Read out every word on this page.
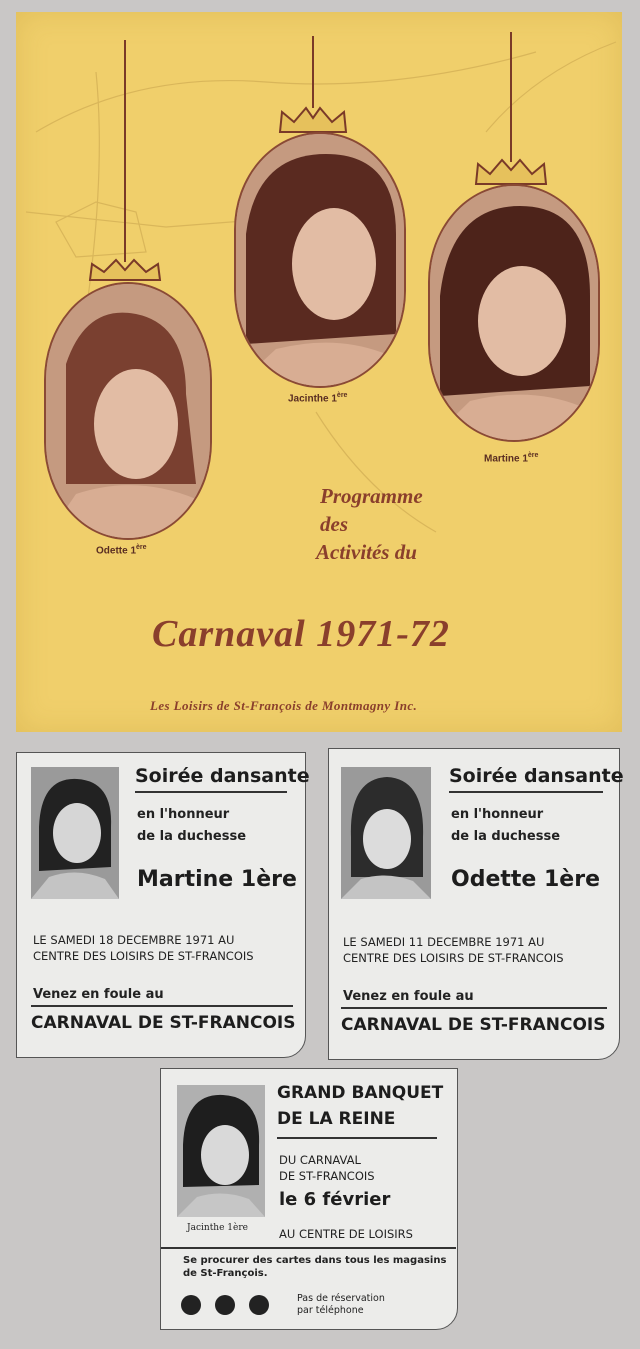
Odette 1ère
Jacinthe 1ère
Martine 1ère
Programme
des
Activités du
Carnaval 1971-72
Les Loisirs de St-François de Montmagny Inc.
Soirée dansante
en l'honneur
de la duchesse
Martine 1ère
LE SAMEDI 18 DECEMBRE 1971 AU
CENTRE DES LOISIRS DE ST-FRANCOIS
Venez en foule au
CARNAVAL DE ST-FRANCOIS
Soirée dansante
en l'honneur
de la duchesse
Odette 1ère
LE SAMEDI 11 DECEMBRE 1971 AU
CENTRE DES LOISIRS DE ST-FRANCOIS
Venez en foule au
CARNAVAL DE ST-FRANCOIS
Jacinthe 1ère
GRAND BANQUET
DE LA REINE
DU CARNAVAL
DE ST-FRANCOIS
le 6 février
AU CENTRE DE LOISIRS
Se procurer des cartes dans tous les magasins
de St-François.
Pas de réservation
par téléphone
